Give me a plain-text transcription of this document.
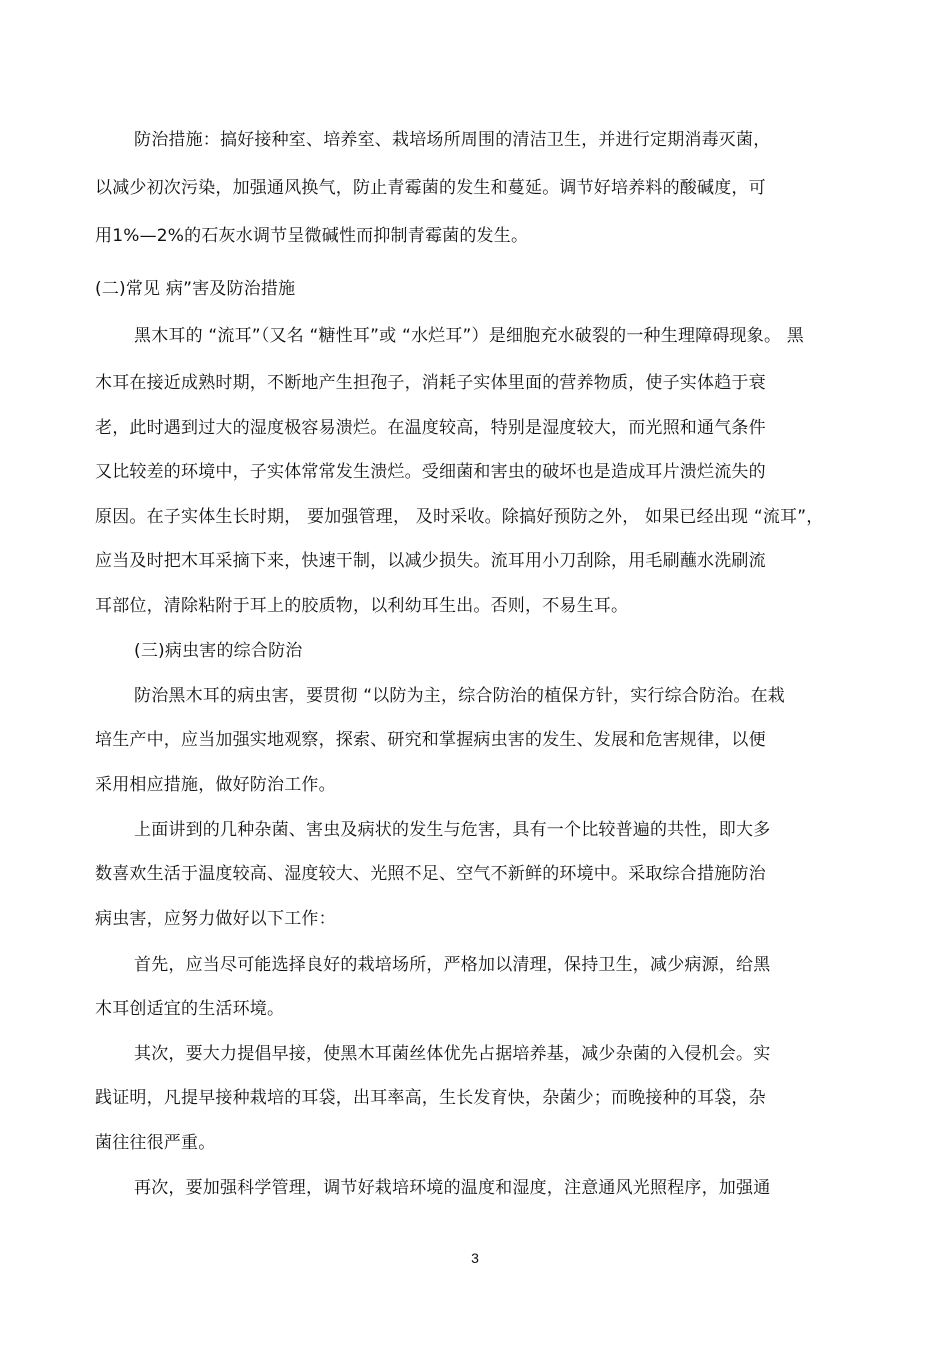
防治措施：搞好接种室、培养室、栽培场所周围的清洁卫生，并进行定期消毒灭菌，
以减少初次污染，加强通风换气，防止青霉菌的发生和蔓延。调节好培养料的酸碱度，可
用1%—2%的石灰水调节呈微碱性而抑制青霉菌的发生。
(二)常见 病”害及防治措施
黑木耳的 “流耳”（又名 “糖性耳”或 “水烂耳”）是细胞充水破裂的一种生理障碍现象。 黑
木耳在接近成熟时期，不断地产生担孢子，消耗子实体里面的营养物质，使子实体趋于衰
老，此时遇到过大的湿度极容易溃烂。在温度较高，特别是湿度较大，而光照和通气条件
又比较差的环境中，子实体常常发生溃烂。受细菌和害虫的破坏也是造成耳片溃烂流失的
原因。在子实体生长时期， 要加强管理， 及时采收。除搞好预防之外， 如果已经出现 “流耳”，
应当及时把木耳采摘下来，快速干制，以减少损失。流耳用小刀刮除，用毛刷蘸水洗刷流
耳部位，清除粘附于耳上的胶质物，以利幼耳生出。否则，不易生耳。
(三)病虫害的综合防治
防治黑木耳的病虫害，要贯彻 “以防为主，综合防治的植保方针，实行综合防治。在栽
培生产中，应当加强实地观察，探索、研究和掌握病虫害的发生、发展和危害规律，以便
采用相应措施，做好防治工作。
上面讲到的几种杂菌、害虫及病状的发生与危害，具有一个比较普遍的共性，即大多
数喜欢生活于温度较高、湿度较大、光照不足、空气不新鲜的环境中。采取综合措施防治
病虫害，应努力做好以下工作：
首先，应当尽可能选择良好的栽培场所，严格加以清理，保持卫生，减少病源，给黑
木耳创适宜的生活环境。
其次，要大力提倡早接，使黑木耳菌丝体优先占据培养基，减少杂菌的入侵机会。实
践证明，凡提早接种栽培的耳袋，出耳率高，生长发育快，杂菌少；而晚接种的耳袋，杂
菌往往很严重。
再次，要加强科学管理，调节好栽培环境的温度和湿度，注意通风光照程序，加强通
3
